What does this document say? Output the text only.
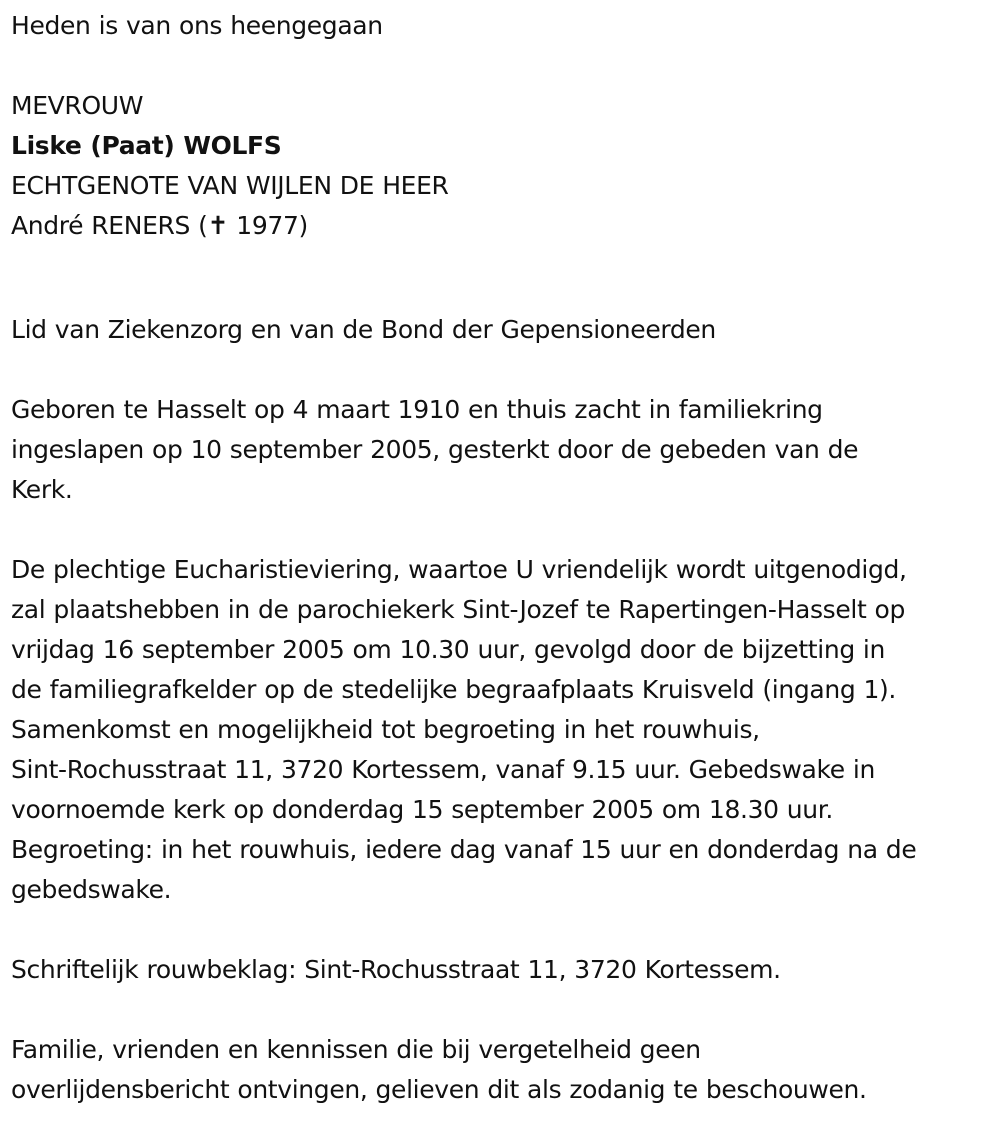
Heden is van ons heengegaan

MEVROUW
Liske (Paat) WOLFS
ECHTGENOTE VAN WIJLEN DE HEER
André RENERS (✝ 1977)

Lid van Ziekenzorg en van de Bond der Gepensioneerden

Geboren te Hasselt op 4 maart 1910 en thuis zacht in familiekring
ingeslapen op 10 september 2005, gesterkt door de gebeden van de
Kerk.

De plechtige Eucharistieviering, waartoe U vriendelijk wordt uitgenodigd,
zal plaatshebben in de parochiekerk Sint-Jozef te Rapertingen-Hasselt op
vrijdag 16 september 2005 om 10.30 uur, gevolgd door de bijzetting in
de familiegrafkelder op de stedelijke begraafplaats Kruisveld (ingang 1).
Samenkomst en mogelijkheid tot begroeting in het rouwhuis,
Sint-Rochusstraat 11, 3720 Kortessem, vanaf 9.15 uur. Gebedswake in
voornoemde kerk op donderdag 15 september 2005 om 18.30 uur.
Begroeting: in het rouwhuis, iedere dag vanaf 15 uur en donderdag na de
gebedswake.

Schriftelijk rouwbeklag: Sint-Rochusstraat 11, 3720 Kortessem.

Familie, vrienden en kennissen die bij vergetelheid geen
overlijdensbericht ontvingen, gelieven dit als zodanig te beschouwen.
